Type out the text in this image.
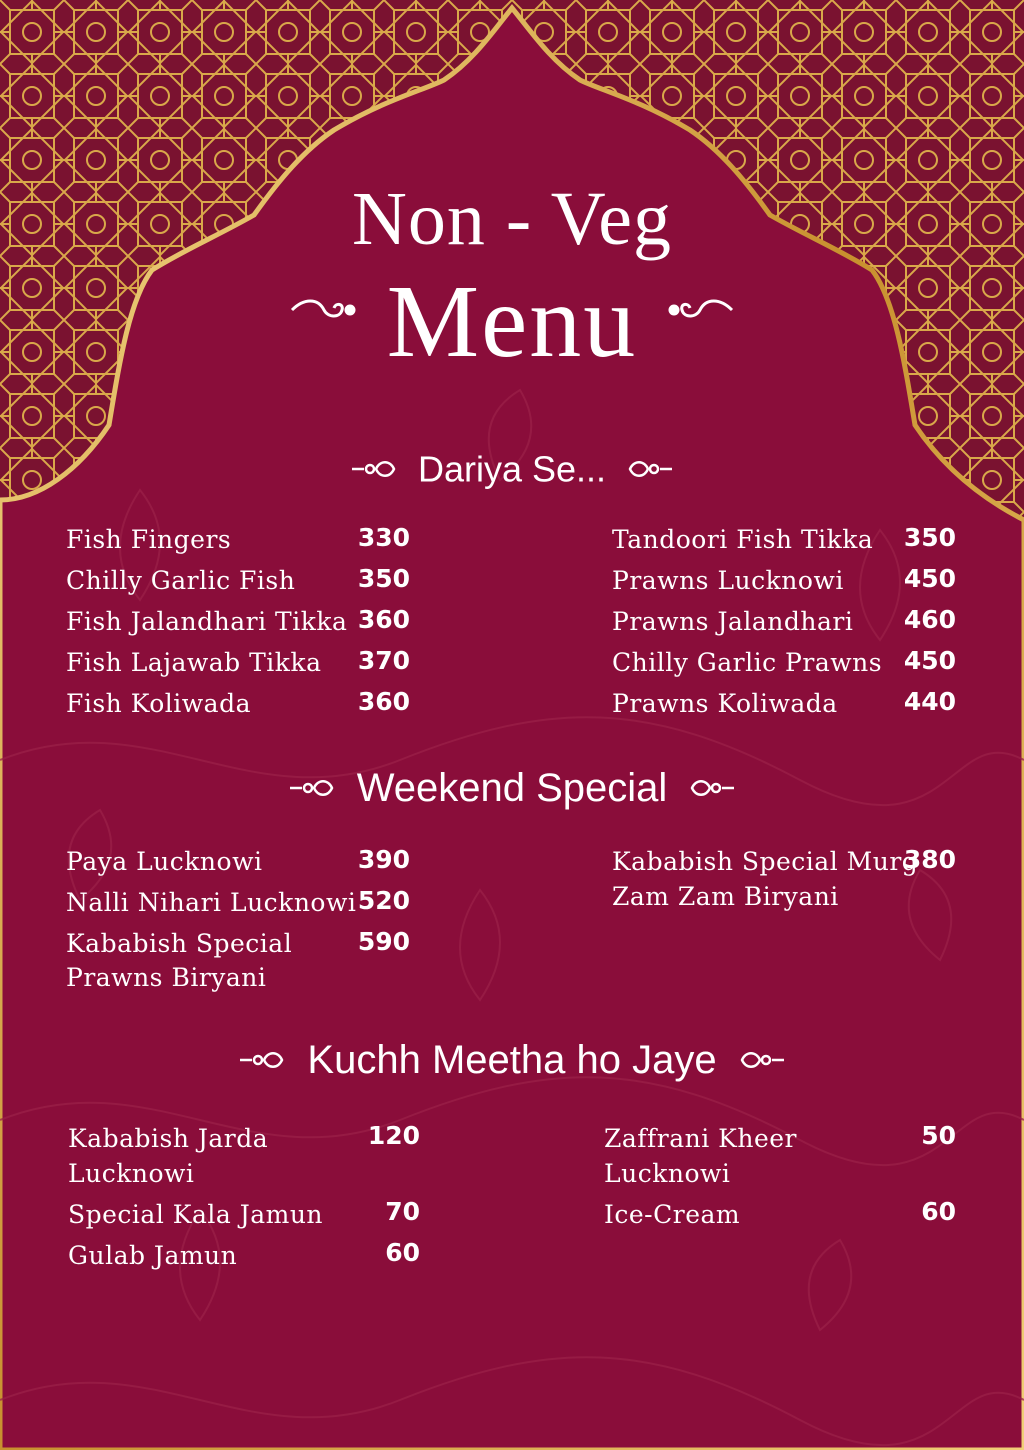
Non - Veg
Menu
Dariya Se...
Fish Fingers	330
Chilly Garlic Fish	350
Fish Jalandhari Tikka 360
Fish Lajawab Tikka	370
Fish Koliwada	360
Tandoori Fish Tikka	350
Prawns Lucknowi	450
Prawns Jalandhari	460
Chilly Garlic Prawns 450
Prawns Koliwada	440
Weekend Special
Paya Lucknowi	390
Nalli Nihari Lucknowi 520
Kababish Special
Prawns Biryani
590
Kababish Special Murg
Zam Zam Biryani
380
Kuchh Meetha ho Jaye
Kababish Jarda
Lucknowi
120
Special Kala Jamun	70
Gulab Jamun	60
Zaffrani Kheer
Lucknowi
50
Ice-Cream	60
